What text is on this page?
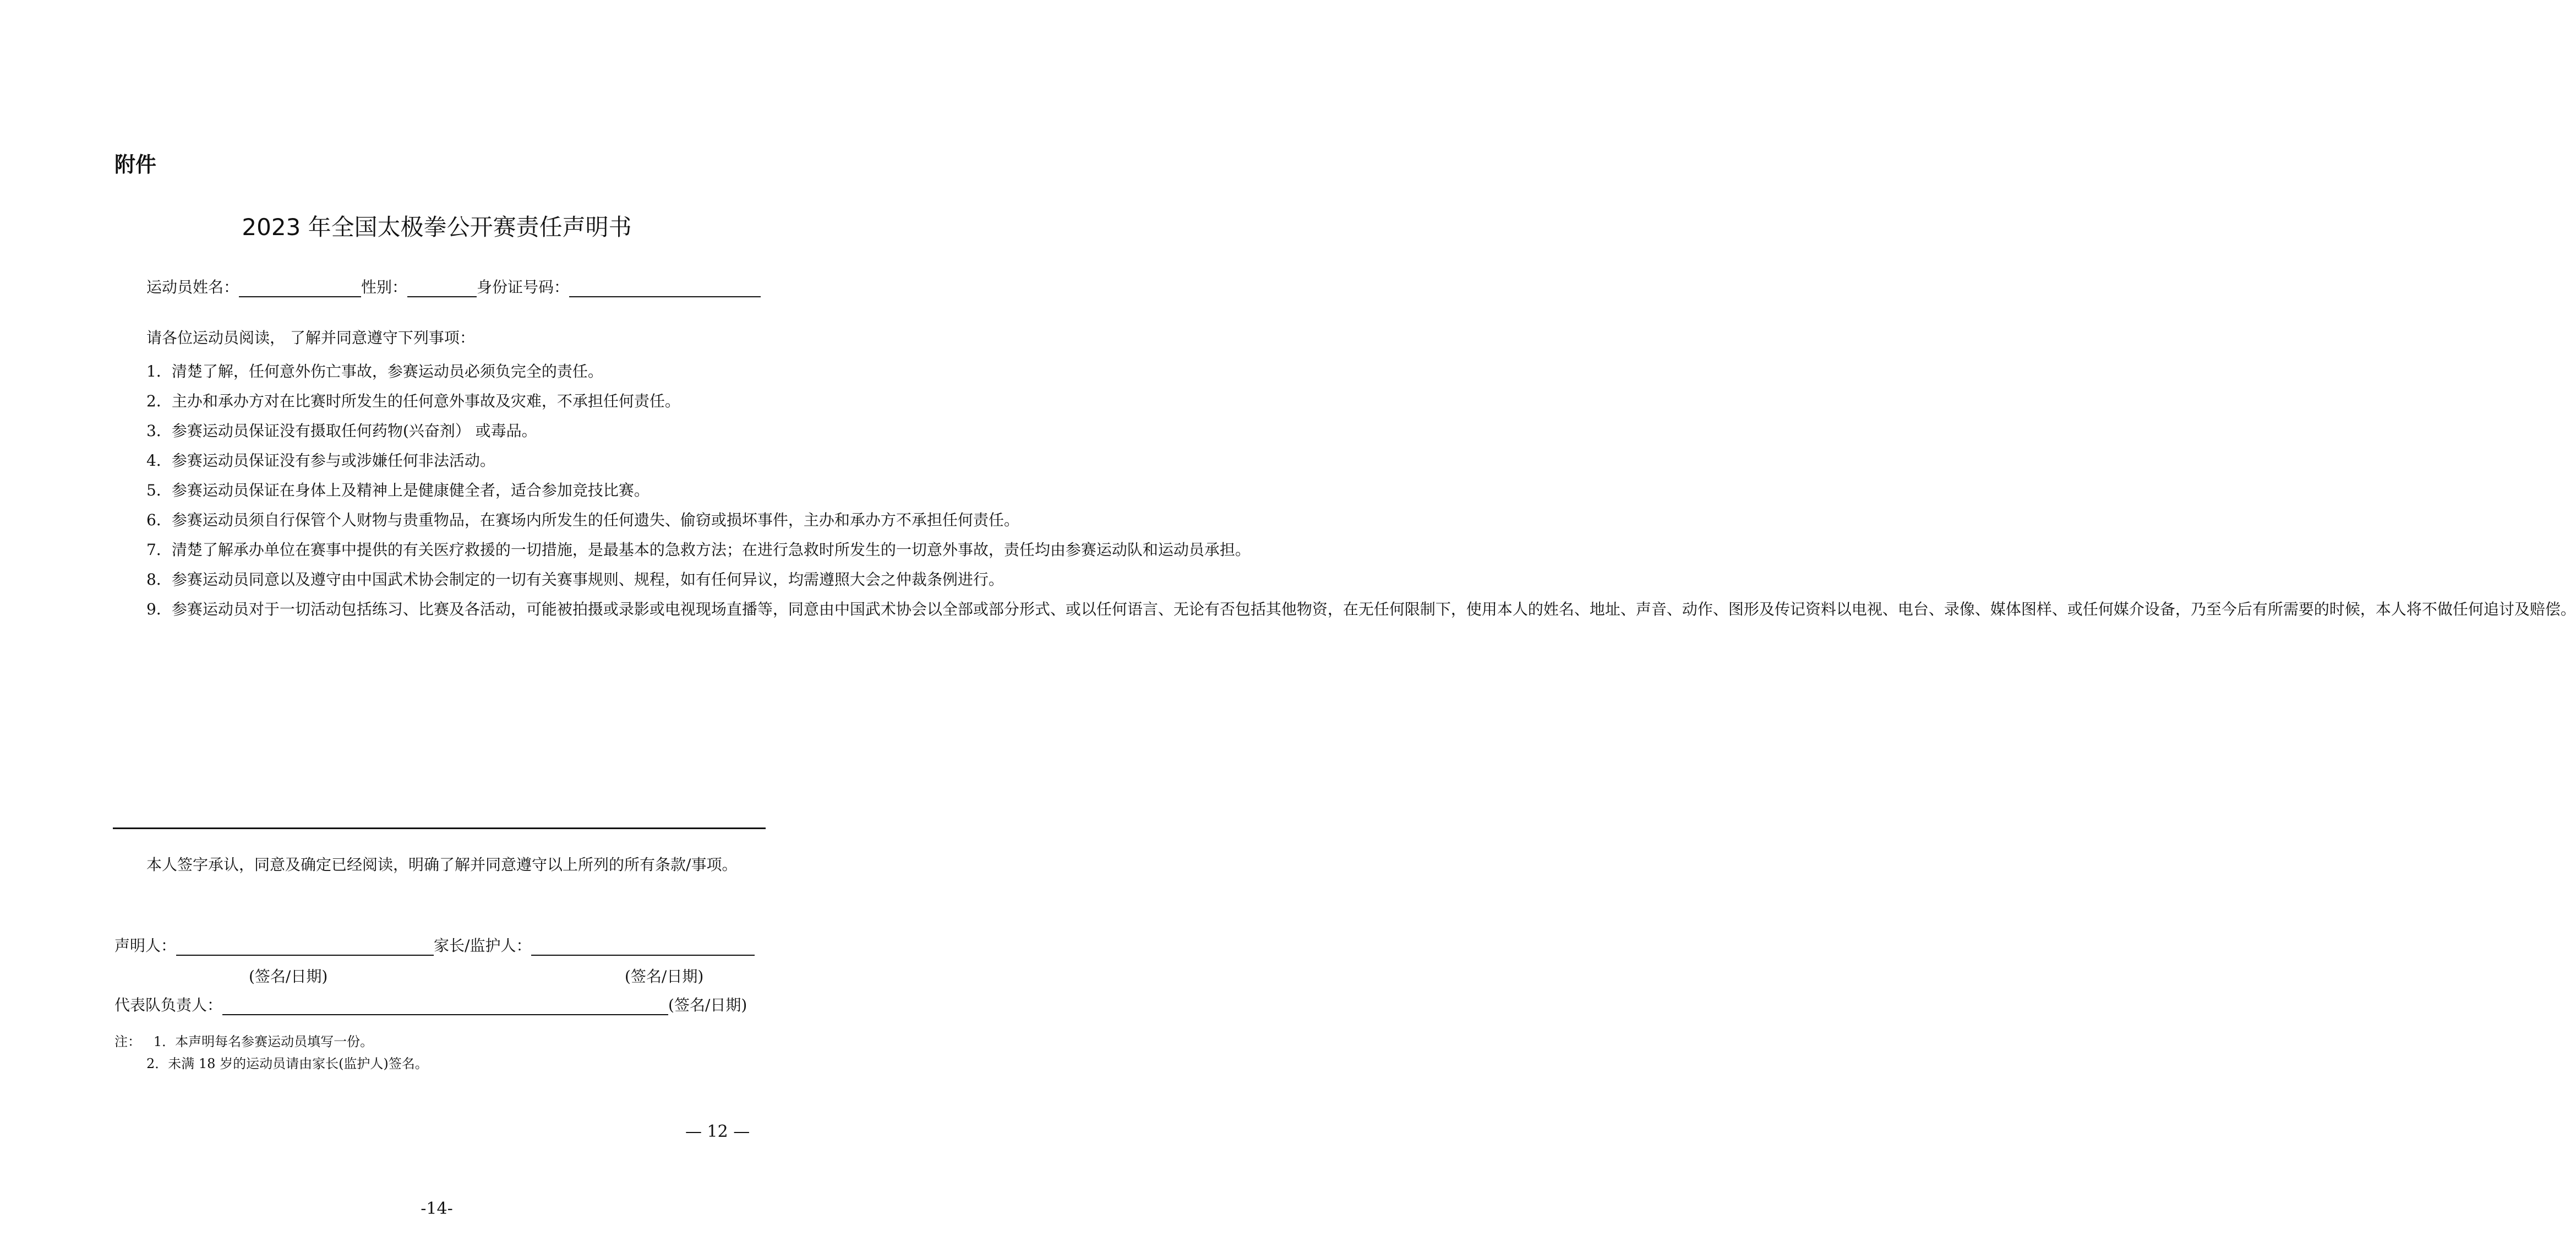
附件
2023 年全国太极拳公开赛责任声明书
运动员姓名：	性别：	身份证号码：
请各位运动员阅读， 了解并同意遵守下列事项：

1．清楚了解，任何意外伤亡事故，参赛运动员必须负完全的责任。

2．主办和承办方对在比赛时所发生的任何意外事故及灾难，不承担任何责任。

3．参赛运动员保证没有摄取任何药物(兴奋剂） 或毒品。

4．参赛运动员保证没有参与或涉嫌任何非法活动。

5．参赛运动员保证在身体上及精神上是健康健全者，适合参加竞技比赛。

6．参赛运动员须自行保管个人财物与贵重物品，在赛场内所发生的任何遗失、偷窃或损坏事件，主办和承办方不承担任何责任。

7．清楚了解承办单位在赛事中提供的有关医疗救援的一切措施，是最基本的急救方法；在进行急救时所发生的一切意外事故，责任均由参赛运动队和运动员承担。

8．参赛运动员同意以及遵守由中国武术协会制定的一切有关赛事规则、规程，如有任何异议，均需遵照大会之仲裁条例进行。

9．参赛运动员对于一切活动包括练习、比赛及各活动，可能被拍摄或录影或电视现场直播等，同意由中国武术协会以全部或部分形式、或以任何语言、无论有否包括其他物资，在无任何限制下，使用本人的姓名、地址、声音、动作、图形及传记资料以电视、电台、录像、媒体图样、或任何媒介设备，乃至今后有所需要的时候，本人将不做任何追讨及赔偿。

本人签字承认，同意及确定已经阅读，明确了解并同意遵守以上所列的所有条款/事项。

声明人：	家长/监护人：
(签名/日期)	(签名/日期)
代表队负责人：	(签名/日期)
注： 1．本声明每名参赛运动员填写一份。
2．未满 18 岁的运动员请由家长(监护人)签名。
— 12 —
-14-
